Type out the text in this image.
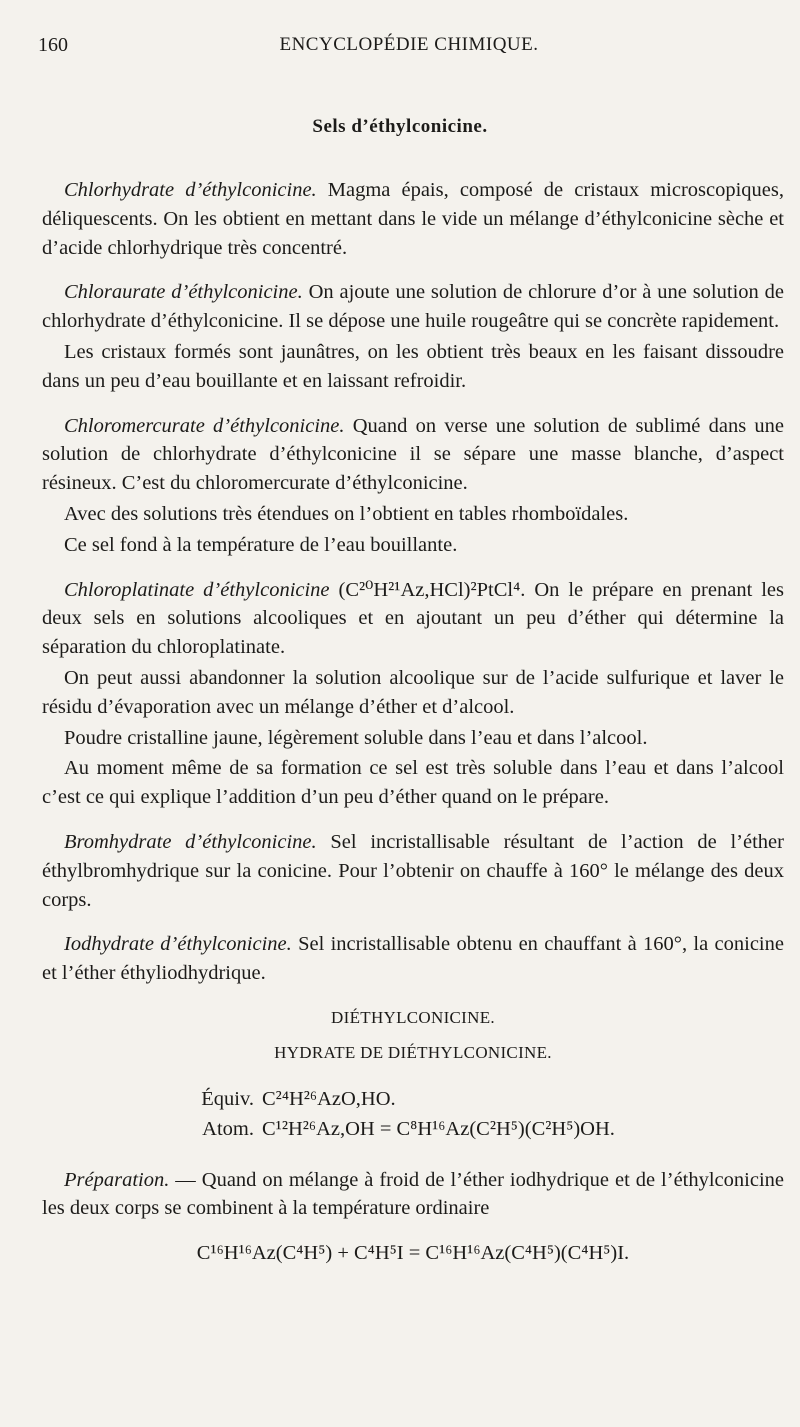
160	ENCYCLOPÉDIE CHIMIQUE.
Sels d’éthylconicine.

Chlorhydrate d’éthylconicine. Magma épais, composé de cristaux microscopiques, déliquescents. On les obtient en mettant dans le vide un mélange d’éthylconicine sèche et d’acide chlorhydrique très concentré.

Chloraurate d’éthylconicine. On ajoute une solution de chlorure d’or à une solution de chlorhydrate d’éthylconicine. Il se dépose une huile rougeâtre qui se concrète rapidement.

Les cristaux formés sont jaunâtres, on les obtient très beaux en les faisant dissoudre dans un peu d’eau bouillante et en laissant refroidir.

Chloromercurate d’éthylconicine. Quand on verse une solution de sublimé dans une solution de chlorhydrate d’éthylconicine il se sépare une masse blanche, d’aspect résineux. C’est du chloromercurate d’éthylconicine.

Avec des solutions très étendues on l’obtient en tables rhomboïdales.

Ce sel fond à la température de l’eau bouillante.

Chloroplatinate d’éthylconicine (C²⁰H²¹Az,HCl)²PtCl⁴. On le prépare en prenant les deux sels en solutions alcooliques et en ajoutant un peu d’éther qui détermine la séparation du chloroplatinate.

On peut aussi abandonner la solution alcoolique sur de l’acide sulfurique et laver le résidu d’évaporation avec un mélange d’éther et d’alcool.

Poudre cristalline jaune, légèrement soluble dans l’eau et dans l’alcool.

Au moment même de sa formation ce sel est très soluble dans l’eau et dans l’alcool c’est ce qui explique l’addition d’un peu d’éther quand on le prépare.

Bromhydrate d’éthylconicine. Sel incristallisable résultant de l’action de l’éther éthylbromhydrique sur la conicine. Pour l’obtenir on chauffe à 160° le mélange des deux corps.

Iodhydrate d’éthylconicine. Sel incristallisable obtenu en chauffant à 160°, la conicine et l’éther éthyliodhydrique.

DIÉTHYLCONICINE.

HYDRATE DE DIÉTHYLCONICINE.

Équiv. C²⁴H²⁶AzO,HO.
Atom. C¹²H²⁶Az,OH = C⁸H¹⁶Az(C²H⁵)(C²H⁵)OH.

Préparation. — Quand on mélange à froid de l’éther iodhydrique et de l’éthylconicine les deux corps se combinent à la température ordinaire

C¹⁶H¹⁶Az(C⁴H⁵) + C⁴H⁵I = C¹⁶H¹⁶Az(C⁴H⁵)(C⁴H⁵)I.
